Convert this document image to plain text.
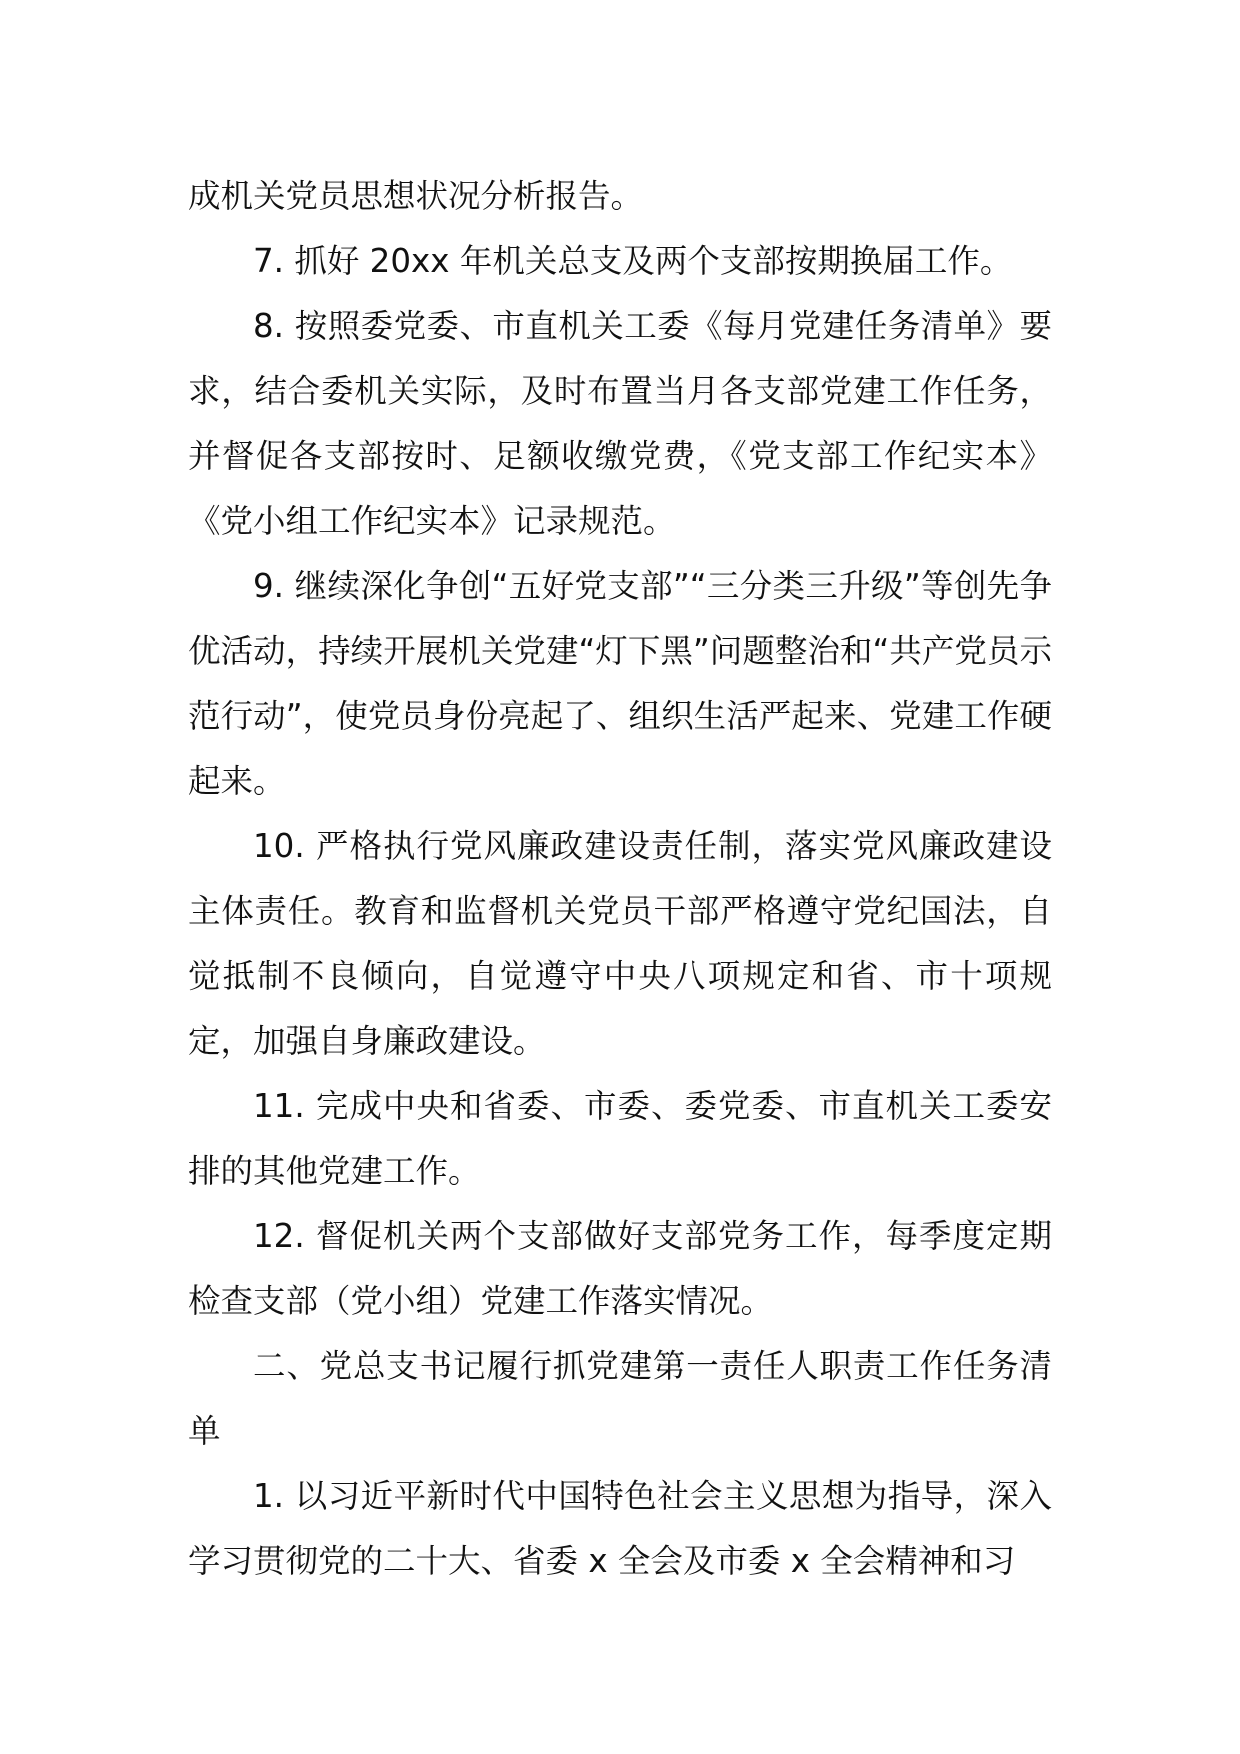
成机关党员思想状况分析报告。

7. 抓好 20xx 年机关总支及两个支部按期换届工作。

8. 按照委党委、市直机关工委《每月党建任务清单》要求，结合委机关实际，及时布置当月各支部党建工作任务，并督促各支部按时、足额收缴党费，《党支部工作纪实本》《党小组工作纪实本》记录规范。

9. 继续深化争创“五好党支部”“三分类三升级”等创先争优活动，持续开展机关党建“灯下黑”问题整治和“共产党员示范行动”，使党员身份亮起了、组织生活严起来、党建工作硬起来。

10. 严格执行党风廉政建设责任制，落实党风廉政建设主体责任。教育和监督机关党员干部严格遵守党纪国法，自觉抵制不良倾向，自觉遵守中央八项规定和省、市十项规定，加强自身廉政建设。

11. 完成中央和省委、市委、委党委、市直机关工委安排的其他党建工作。

12. 督促机关两个支部做好支部党务工作，每季度定期检查支部（党小组）党建工作落实情况。

二、党总支书记履行抓党建第一责任人职责工作任务清单

1. 以习近平新时代中国特色社会主义思想为指导，深入学习贯彻党的二十大、省委 x 全会及市委 x 全会精神和习
